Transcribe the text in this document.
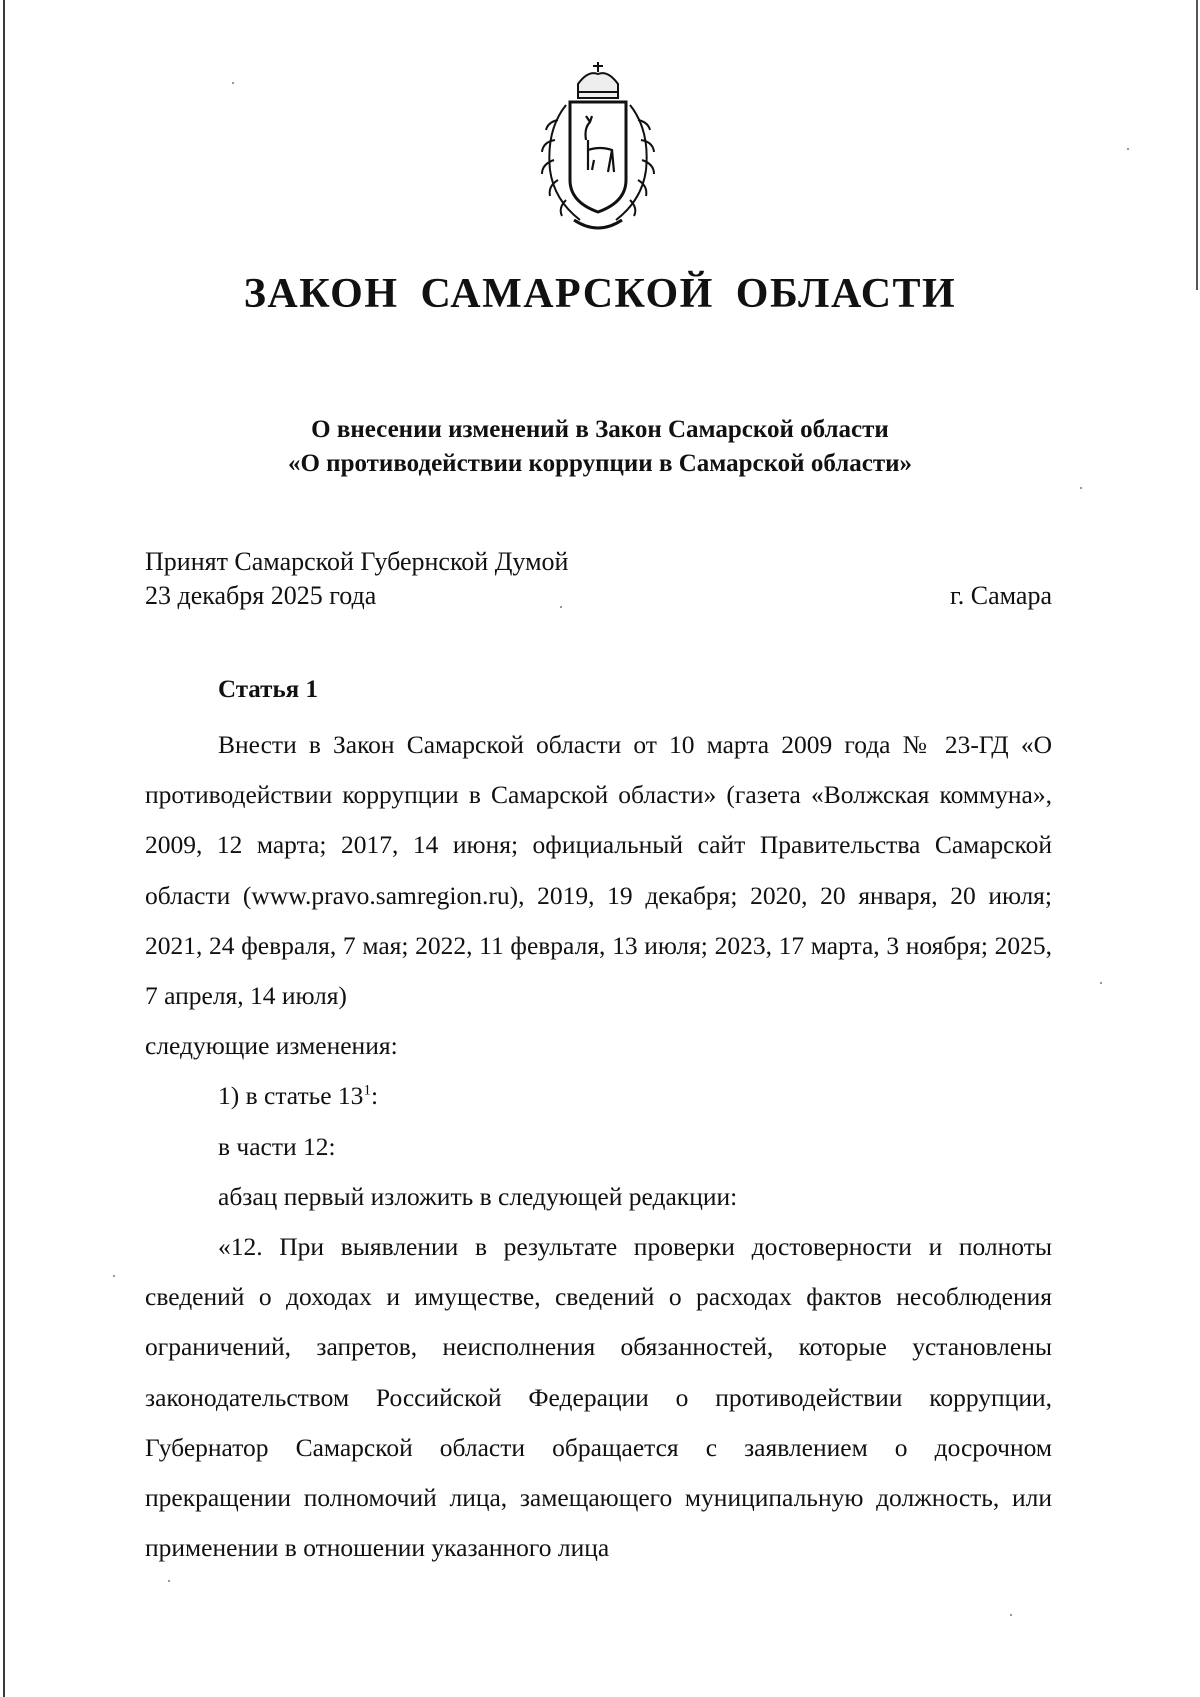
ЗАКОН САМАРСКОЙ ОБЛАСТИ
О внесении изменений в Закон Самарской области
«О противодействии коррупции в Самарской области»
Принят Самарской Губернской Думой
23 декабря 2025 года	г. Самара
Статья 1

Внести в Закон Самарской области от 10 марта 2009 года № 23-ГД «О противодействии коррупции в Самарской области» (газета «Волжская коммуна», 2009, 12 марта; 2017, 14 июня; официальный сайт Правительства Самарской области (www.pravo.samregion.ru), 2019, 19 декабря; 2020, 20 января, 20 июля; 2021, 24 февраля, 7 мая; 2022, 11 февраля, 13 июля; 2023, 17 марта, 3 ноября; 2025, 7 апреля, 14 июля)

следующие изменения:

1) в статье $13^1$:

в части 12:

абзац первый изложить в следующей редакции:

«12. При выявлении в результате проверки достоверности и полноты сведений о доходах и имуществе, сведений о расходах фактов несоблюдения ограничений, запретов, неисполнения обязанностей, которые установлены законодательством Российской Федерации о противодействии коррупции, Губернатор Самарской области обращается с заявлением о досрочном прекращении полномочий лица, замещающего муниципальную должность, или применении в отношении указанного лица
